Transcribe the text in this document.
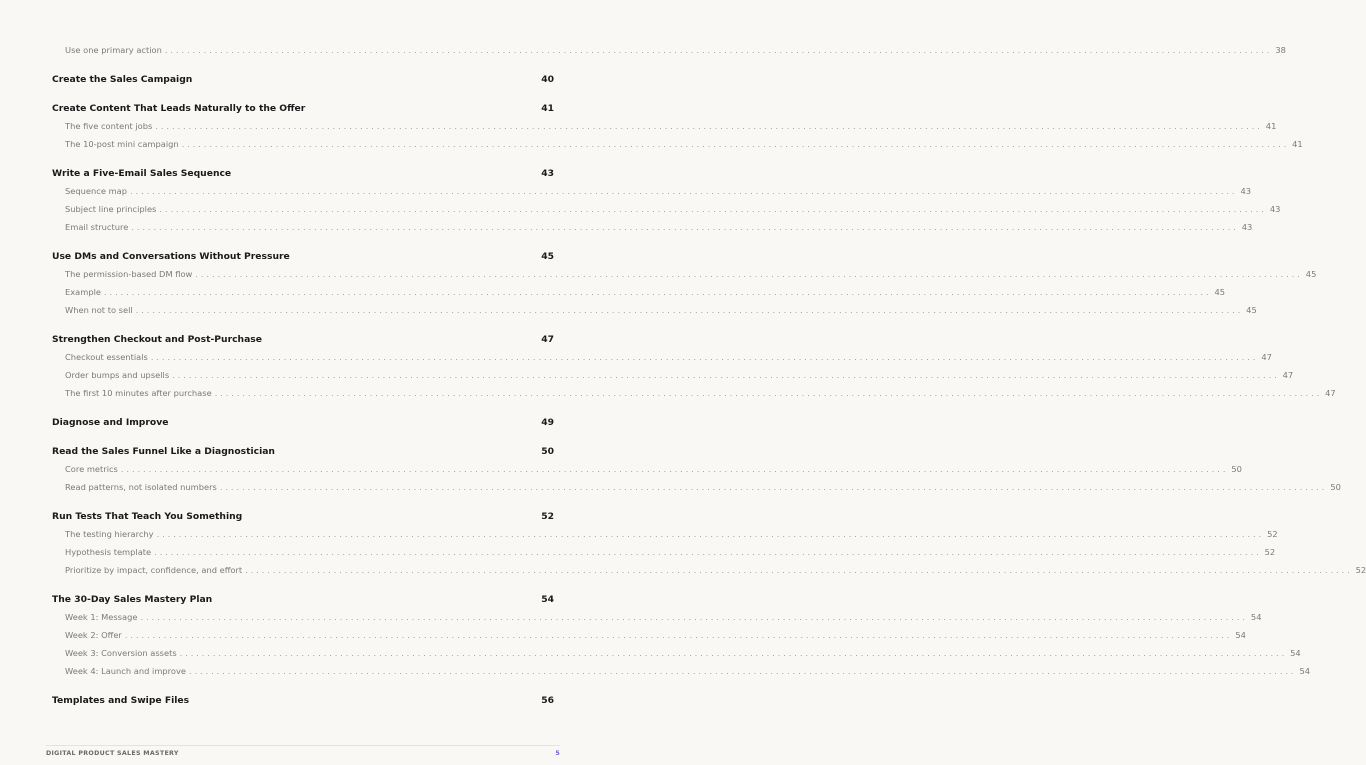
Use one primary action ........................................................................................................................................................................................................ 38
Create the Sales Campaign	40
Create Content That Leads Naturally to the Offer	41
The five content jobs ........................................................................................................................................................................................................ 41
The 10-post mini campaign ........................................................................................................................................................................................................ 41
Write a Five-Email Sales Sequence	43
Sequence map ........................................................................................................................................................................................................ 43
Subject line principles ........................................................................................................................................................................................................ 43
Email structure ........................................................................................................................................................................................................ 43
Use DMs and Conversations Without Pressure	45
The permission-based DM flow ........................................................................................................................................................................................................ 45
Example ........................................................................................................................................................................................................ 45
When not to sell ........................................................................................................................................................................................................ 45
Strengthen Checkout and Post-Purchase	47
Checkout essentials ........................................................................................................................................................................................................ 47
Order bumps and upsells ........................................................................................................................................................................................................ 47
The first 10 minutes after purchase ........................................................................................................................................................................................................ 47
Diagnose and Improve	49
Read the Sales Funnel Like a Diagnostician	50
Core metrics ........................................................................................................................................................................................................ 50
Read patterns, not isolated numbers ........................................................................................................................................................................................................ 50
Run Tests That Teach You Something	52
The testing hierarchy ........................................................................................................................................................................................................ 52
Hypothesis template ........................................................................................................................................................................................................ 52
Prioritize by impact, confidence, and effort ........................................................................................................................................................................................................ 52
The 30-Day Sales Mastery Plan	54
Week 1: Message ........................................................................................................................................................................................................ 54
Week 2: Offer ........................................................................................................................................................................................................ 54
Week 3: Conversion assets ........................................................................................................................................................................................................ 54
Week 4: Launch and improve ........................................................................................................................................................................................................ 54
Templates and Swipe Files	56
DIGITAL PRODUCT SALES MASTERY	5
